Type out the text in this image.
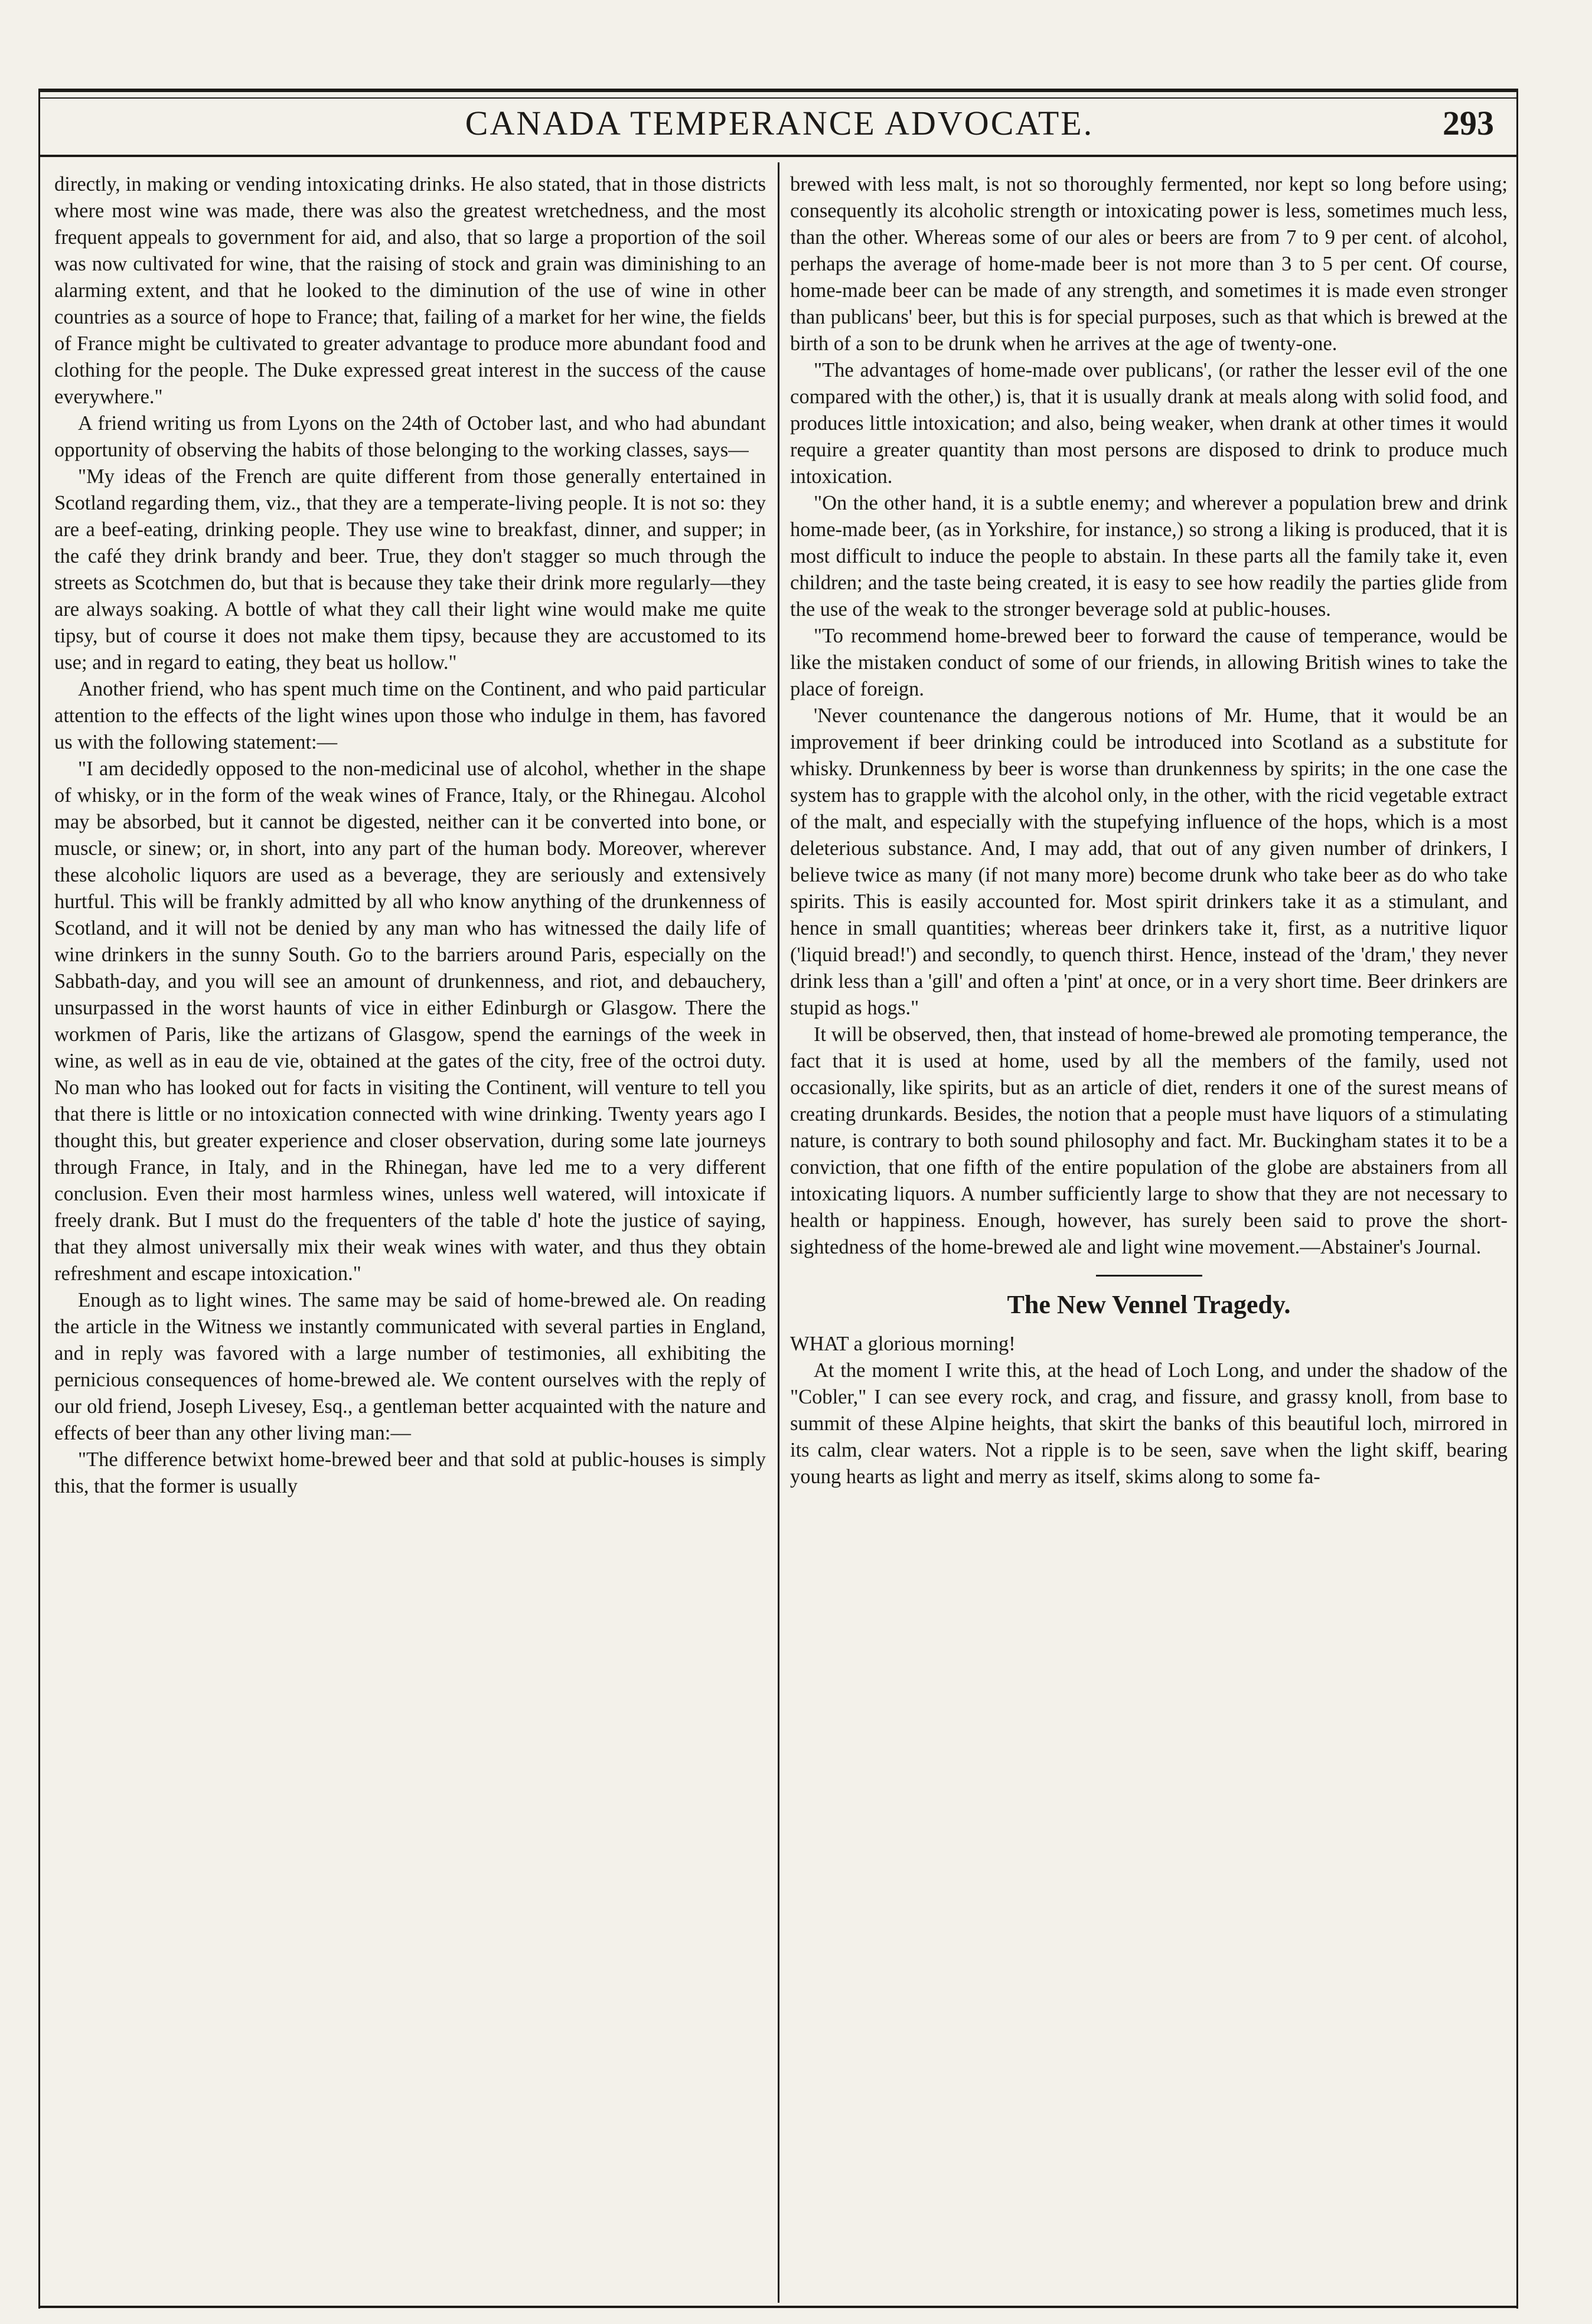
CANADA TEMPERANCE ADVOCATE.	293

directly, in making or vending intoxicating drinks. He also stated, that in those districts where most wine was made, there was also the greatest wretchedness, and the most frequent appeals to government for aid, and also, that so large a proportion of the soil was now cultivated for wine, that the raising of stock and grain was diminishing to an alarming extent, and that he looked to the diminution of the use of wine in other countries as a source of hope to France; that, failing of a market for her wine, the fields of France might be cultivated to greater advantage to produce more abundant food and clothing for the people. The Duke expressed great interest in the success of the cause everywhere."

A friend writing us from Lyons on the 24th of October last, and who had abundant opportunity of observing the habits of those belonging to the working classes, says—

"My ideas of the French are quite different from those generally entertained in Scotland regarding them, viz., that they are a temperate-living people. It is not so: they are a beef-eating, drinking people. They use wine to breakfast, dinner, and supper; in the café they drink brandy and beer. True, they don't stagger so much through the streets as Scotchmen do, but that is because they take their drink more regularly—they are always soaking. A bottle of what they call their light wine would make me quite tipsy, but of course it does not make them tipsy, because they are accustomed to its use; and in regard to eating, they beat us hollow."

Another friend, who has spent much time on the Continent, and who paid particular attention to the effects of the light wines upon those who indulge in them, has favored us with the following statement:—

"I am decidedly opposed to the non-medicinal use of alcohol, whether in the shape of whisky, or in the form of the weak wines of France, Italy, or the Rhinegau. Alcohol may be absorbed, but it cannot be digested, neither can it be converted into bone, or muscle, or sinew; or, in short, into any part of the human body. Moreover, wherever these alcoholic liquors are used as a beverage, they are seriously and extensively hurtful. This will be frankly admitted by all who know anything of the drunkenness of Scotland, and it will not be denied by any man who has witnessed the daily life of wine drinkers in the sunny South. Go to the barriers around Paris, especially on the Sabbath-day, and you will see an amount of drunkenness, and riot, and debauchery, unsurpassed in the worst haunts of vice in either Edinburgh or Glasgow. There the workmen of Paris, like the artizans of Glasgow, spend the earnings of the week in wine, as well as in eau de vie, obtained at the gates of the city, free of the octroi duty. No man who has looked out for facts in visiting the Continent, will venture to tell you that there is little or no intoxication connected with wine drinking. Twenty years ago I thought this, but greater experience and closer observation, during some late journeys through France, in Italy, and in the Rhinegan, have led me to a very different conclusion. Even their most harmless wines, unless well watered, will intoxicate if freely drank. But I must do the frequenters of the table d' hote the justice of saying, that they almost universally mix their weak wines with water, and thus they obtain refreshment and escape intoxication."

Enough as to light wines. The same may be said of home-brewed ale. On reading the article in the Witness we instantly communicated with several parties in England, and in reply was favored with a large number of testimonies, all exhibiting the pernicious consequences of home-brewed ale. We content ourselves with the reply of our old friend, Joseph Livesey, Esq., a gentleman better acquainted with the nature and effects of beer than any other living man:—

"The difference betwixt home-brewed beer and that sold at public-houses is simply this, that the former is usually

brewed with less malt, is not so thoroughly fermented, nor kept so long before using; consequently its alcoholic strength or intoxicating power is less, sometimes much less, than the other. Whereas some of our ales or beers are from 7 to 9 per cent. of alcohol, perhaps the average of home-made beer is not more than 3 to 5 per cent. Of course, home-made beer can be made of any strength, and sometimes it is made even stronger than publicans' beer, but this is for special purposes, such as that which is brewed at the birth of a son to be drunk when he arrives at the age of twenty-one.

"The advantages of home-made over publicans', (or rather the lesser evil of the one compared with the other,) is, that it is usually drank at meals along with solid food, and produces little intoxication; and also, being weaker, when drank at other times it would require a greater quantity than most persons are disposed to drink to produce much intoxication.

"On the other hand, it is a subtle enemy; and wherever a population brew and drink home-made beer, (as in Yorkshire, for instance,) so strong a liking is produced, that it is most difficult to induce the people to abstain. In these parts all the family take it, even children; and the taste being created, it is easy to see how readily the parties glide from the use of the weak to the stronger beverage sold at public-houses.

"To recommend home-brewed beer to forward the cause of temperance, would be like the mistaken conduct of some of our friends, in allowing British wines to take the place of foreign.

'Never countenance the dangerous notions of Mr. Hume, that it would be an improvement if beer drinking could be introduced into Scotland as a substitute for whisky. Drunkenness by beer is worse than drunkenness by spirits; in the one case the system has to grapple with the alcohol only, in the other, with the ricid vegetable extract of the malt, and especially with the stupefying influence of the hops, which is a most deleterious substance. And, I may add, that out of any given number of drinkers, I believe twice as many (if not many more) become drunk who take beer as do who take spirits. This is easily accounted for. Most spirit drinkers take it as a stimulant, and hence in small quantities; whereas beer drinkers take it, first, as a nutritive liquor ('liquid bread!') and secondly, to quench thirst. Hence, instead of the 'dram,' they never drink less than a 'gill' and often a 'pint' at once, or in a very short time. Beer drinkers are stupid as hogs."

It will be observed, then, that instead of home-brewed ale promoting temperance, the fact that it is used at home, used by all the members of the family, used not occasionally, like spirits, but as an article of diet, renders it one of the surest means of creating drunkards. Besides, the notion that a people must have liquors of a stimulating nature, is contrary to both sound philosophy and fact. Mr. Buckingham states it to be a conviction, that one fifth of the entire population of the globe are abstainers from all intoxicating liquors. A number sufficiently large to show that they are not necessary to health or happiness. Enough, however, has surely been said to prove the short-sightedness of the home-brewed ale and light wine movement.—Abstainer's Journal.

The New Vennel Tragedy.

WHAT a glorious morning!

At the moment I write this, at the head of Loch Long, and under the shadow of the "Cobler," I can see every rock, and crag, and fissure, and grassy knoll, from base to summit of these Alpine heights, that skirt the banks of this beautiful loch, mirrored in its calm, clear waters. Not a ripple is to be seen, save when the light skiff, bearing young hearts as light and merry as itself, skims along to some fa-
